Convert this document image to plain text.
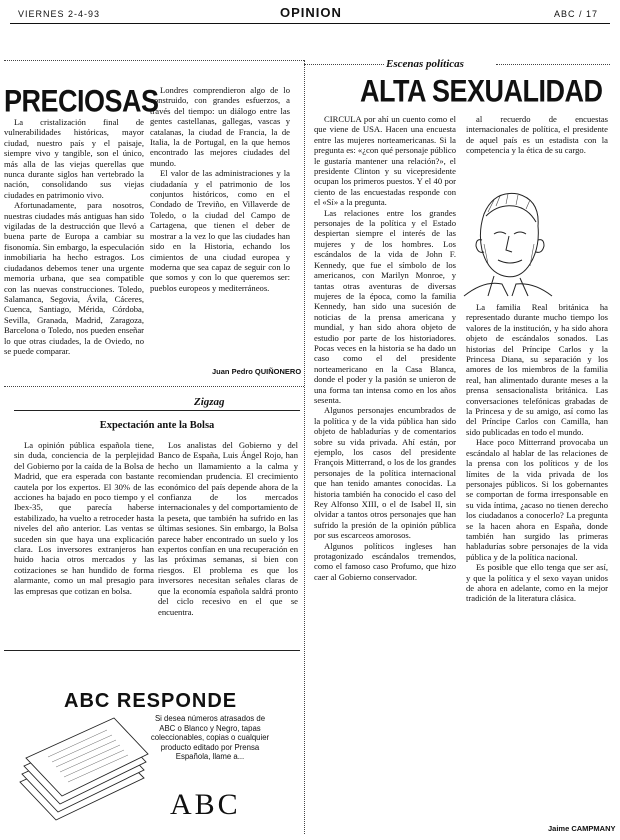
VIERNES 2-4-93	OPINION	ABC / 17
PRECIOSAS

La cristalización final de vulnerabilidades históricas, mayor ciudad, nuestro país y el paisaje, siempre vivo y tangible, son el único, más alla de las viejas querellas que nunca durante siglos han vertebrado la nación, consolidando sus viejas ciudades en patrimonio vivo.

Afortunadamente, para nosotros, nuestras ciudades más antiguas han sido vigiladas de la destrucción que llevó a buena parte de Europa a cambiar su fisonomía. Sin embargo, la especulación inmobiliaria ha hecho estragos. Los ciudadanos debemos tener una urgente memoria urbana, que sea compatible con las nuevas construcciones. Toledo, Salamanca, Segovia, Ávila, Cáceres, Cuenca, Santiago, Mérida, Córdoba, Sevilla, Granada, Madrid, Zaragoza, Barcelona o Toledo, nos pueden enseñar lo que otras ciudades, la de Oviedo, no se puede comparar.

Londres comprendieron algo de lo construido, con grandes esfuerzos, a través del tiempo: un diálogo entre las gentes castellanas, gallegas, vascas y catalanas, la ciudad de Francia, la de Italia, la de Portugal, en la que hemos encontrado las mejores ciudades del mundo.

El valor de las administraciones y la ciudadanía y el patrimonio de los conjuntos históricos, como en el Condado de Treviño, en Villaverde de Toledo, o la ciudad del Campo de Cartagena, que tienen el deber de mostrar a la vez lo que las ciudades han sido en la Historia, echando los cimientos de una ciudad europea y moderna que sea capaz de seguir con lo que somos y con lo que queremos ser: pueblos europeos y mediterráneos.

Juan Pedro QUIÑONERO
Zigzag
Expectación ante la Bolsa

La opinión pública española tiene, sin duda, conciencia de la perplejidad del Gobierno por la caída de la Bolsa de Madrid, que era esperada con bastante cautela por los expertos. El 30% de las acciones ha bajado en poco tiempo y el Ibex-35, que parecía haberse estabilizado, ha vuelto a retroceder hasta niveles del año anterior. Las ventas se suceden sin que haya una explicación clara. Los inversores extranjeros han huido hacia otros mercados y las cotizaciones se han hundido de forma alarmante, como un mal presagio para las empresas que cotizan en bolsa.

Los analistas del Gobierno y del Banco de España, Luis Ángel Rojo, han hecho un llamamiento a la calma y recomiendan prudencia. El crecimiento económico del país depende ahora de la confianza de los mercados internacionales y del comportamiento de la peseta, que también ha sufrido en las últimas sesiones. Sin embargo, la Bolsa parece haber encontrado un suelo y los expertos confían en una recuperación en las próximas semanas, si bien con riesgos. El problema es que los inversores necesitan señales claras de que la economía española saldrá pronto del ciclo recesivo en el que se encuentra.

ABC RESPONDE
Si desea números atrasados de ABC o Blanco y Negro, tapas coleccionables, copias o cualquier producto editado por Prensa Española, llame a...
ABC
Escenas políticas
ALTA SEXUALIDAD

CIRCULA por ahí un cuento como el que viene de USA. Hacen una encuesta entre las mujeres norteamericanas. Si la pregunta es: «¿con qué personaje público le gustaría mantener una relación?», el presidente Clinton y su vicepresidente ocupan los primeros puestos. Y el 40 por ciento de las encuestadas responde con el «Sí» a la pregunta.

Las relaciones entre los grandes personajes de la política y el Estado despiertan siempre el interés de las mujeres y de los hombres. Los escándalos de la vida de John F. Kennedy, que fue el símbolo de los americanos, con Marilyn Monroe, y tantas otras aventuras de diversas mujeres de la época, como la familia Kennedy, han sido una sucesión de noticias de la prensa americana y mundial, y han sido ahora objeto de estudio por parte de los historiadores. Pocas veces en la historia se ha dado un caso como el del presidente norteamericano en la Casa Blanca, donde el poder y la pasión se unieron de una forma tan intensa como en los años sesenta.

Algunos personajes encumbrados de la política y de la vida pública han sido objeto de habladurías y de comentarios sobre su vida privada. Ahí están, por ejemplo, los casos del presidente François Mitterrand, o los de los grandes personajes de la política internacional que han tenido amantes conocidas. La historia también ha conocido el caso del Rey Alfonso XIII, o el de Isabel II, sin olvidar a tantos otros personajes que han sufrido la presión de la opinión pública por sus escarceos amorosos.

Algunos políticos ingleses han protagonizado escándalos tremendos, como el famoso caso Profumo, que hizo caer al Gobierno conservador.

al recuerdo de encuestas internacionales de política, el presidente de aquel país es un estadista con la competencia y la ética de su cargo.

La familia Real británica ha representado durante mucho tiempo los valores de la institución, y ha sido ahora objeto de escándalos sonados. Las historias del Príncipe Carlos y la Princesa Diana, su separación y los amores de los miembros de la familia real, han alimentado durante meses a la prensa sensacionalista británica. Las conversaciones telefónicas grabadas de la Princesa y de su amigo, así como las del Príncipe Carlos con Camilla, han sido publicadas en todo el mundo.

Hace poco Mitterrand provocaba un escándalo al hablar de las relaciones de la prensa con los políticos y de los límites de la vida privada de los personajes públicos. Si los gobernantes se comportan de forma irresponsable en su vida íntima, ¿acaso no tienen derecho los ciudadanos a conocerlo? La pregunta se la hacen ahora en España, donde también han surgido las primeras habladurías sobre personajes de la vida pública y de la política nacional.

Es posible que ello tenga que ser así, y que la política y el sexo vayan unidos de ahora en adelante, como en la mejor tradición de la literatura clásica.

Jaime CAMPMANY
